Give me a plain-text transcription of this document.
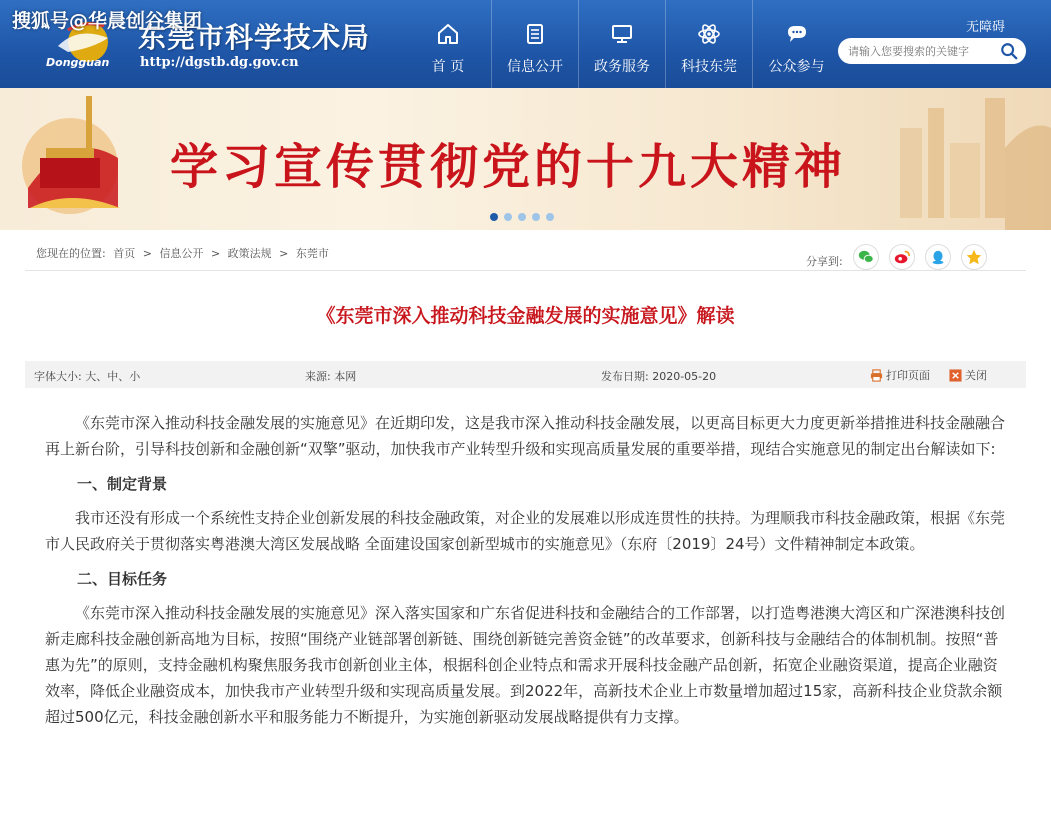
搜狐号@华晨创谷集团
Dongguan
东莞市科学技术局
http://dgstb.dg.gov.cn	首 页	信息公开 政务服务 科技东莞 公众参与
无障碍
请输入您要搜索的关键字
学习宣传贯彻党的十九大精神
您现在的位置: 首页 > 信息公开 > 政策法规 > 东莞市
分享到:
《东莞市深入推动科技金融发展的实施意见》解读
字体大小: 大、中、小	来源: 本网	发布日期: 2020-05-20	打印页面	关闭

《东莞市深入推动科技金融发展的实施意见》在近期印发，这是我市深入推动科技金融发展，以更高目标更大力度更新举措推进科技金融融合再上新台阶，引导科技创新和金融创新“双擎”驱动，加快我市产业转型升级和实现高质量发展的重要举措，现结合实施意见的制定出台解读如下:

一、制定背景

我市还没有形成一个系统性支持企业创新发展的科技金融政策，对企业的发展难以形成连贯性的扶持。为理顺我市科技金融政策，根据《东莞市人民政府关于贯彻落实粤港澳大湾区发展战略 全面建设国家创新型城市的实施意见》（东府〔2019〕24号）文件精神制定本政策。

二、目标任务

《东莞市深入推动科技金融发展的实施意见》深入落实国家和广东省促进科技和金融结合的工作部署，以打造粤港澳大湾区和广深港澳科技创新走廊科技金融创新高地为目标，按照“围绕产业链部署创新链、围绕创新链完善资金链”的改革要求，创新科技与金融结合的体制机制。按照“普惠为先”的原则，支持金融机构聚焦服务我市创新创业主体，根据科创企业特点和需求开展科技金融产品创新，拓宽企业融资渠道，提高企业融资效率，降低企业融资成本，加快我市产业转型升级和实现高质量发展。到2022年，高新技术企业上市数量增加超过15家，高新科技企业贷款余额超过500亿元，科技金融创新水平和服务能力不断提升，为实施创新驱动发展战略提供有力支撑。
